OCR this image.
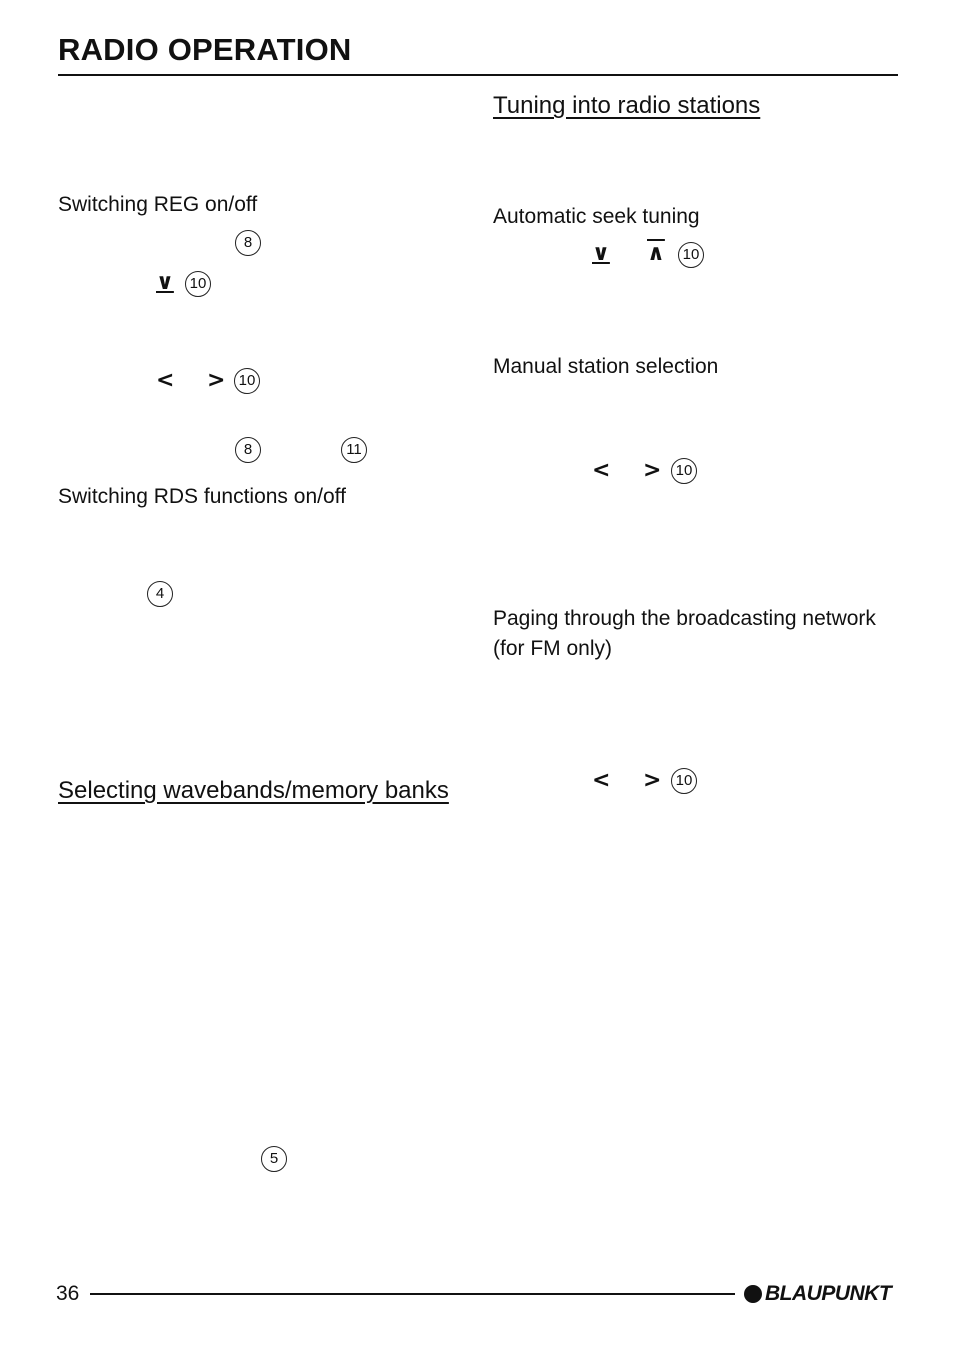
RADIO OPERATION
Switching REG on/off
8
∨	10
< > 10
8	11
Switching RDS functions on/off
4
Selecting wavebands/memory banks
5
Tuning into radio stations
Automatic seek tuning
∨ ∧	10
Manual station selection
< > 10
Paging through the broadcasting network (for FM only)
< > 10
36	BLAUPUNKT
